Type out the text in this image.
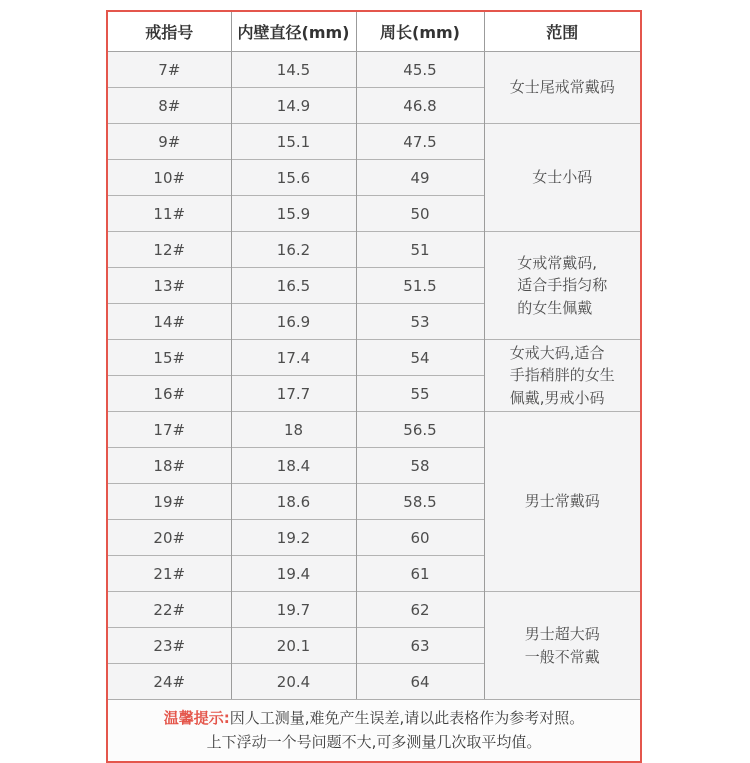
戒指号	内壁直径(mm)	周长(mm)	范围
7#	14.5	45.5	女士尾戒常戴码

8#	14.9	46.8	
9#	15.1	47.5	女士小码

10#	15.6	49	
11#	15.9	50	
12#	16.2	51	女戒常戴码,
适合手指匀称
的女生佩戴

13#	16.5	51.5	
14#	16.9	53	
15#	17.4	54	女戒大码,适合
手指稍胖的女生
佩戴,男戒小码

16#	17.7	55	
17#	18	56.5	男士常戴码

18#	18.4	58	
19#	18.6	58.5	
20#	19.2	60	
21#	19.4	61	
22#	19.7	62	男士超大码
一般不常戴

23#	20.1	63	
24#	20.4	64	
温馨提示:因人工测量,难免产生误差,请以此表格作为参考对照。
上下浮动一个号问题不大,可多测量几次取平均值。
